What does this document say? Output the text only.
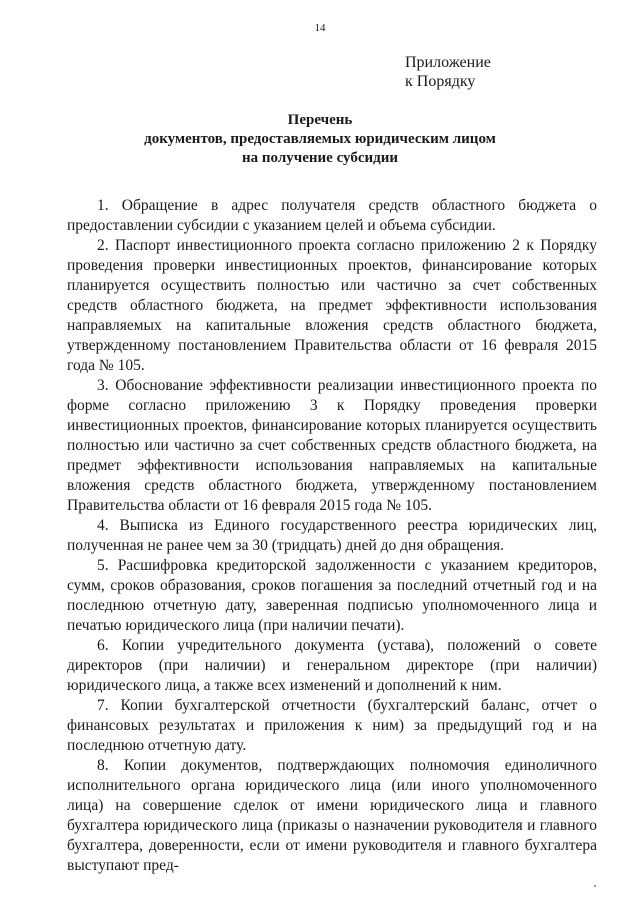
14
Приложение
к Порядку
Перечень
документов, предоставляемых юридическим лицом
на получение субсидии

1. Обращение в адрес получателя средств областного бюджета о предоставлении субсидии с указанием целей и объема субсидии.

2. Паспорт инвестиционного проекта согласно приложению 2 к Порядку проведения проверки инвестиционных проектов, финансирование которых планируется осуществить полностью или частично за счет собственных средств областного бюджета, на предмет эффективности использования направляемых на капитальные вложения средств областного бюджета, утвержденному постановлением Правительства области от 16 февраля 2015 года № 105.

3. Обоснование эффективности реализации инвестиционного проекта по форме согласно приложению 3 к Порядку проведения проверки инвестиционных проектов, финансирование которых планируется осуществить полностью или частично за счет собственных средств областного бюджета, на предмет эффективности использования направляемых на капитальные вложения средств областного бюджета, утвержденному постановлением Правительства области от 16 февраля 2015 года № 105.

4. Выписка из Единого государственного реестра юридических лиц, полученная не ранее чем за 30 (тридцать) дней до дня обращения.

5. Расшифровка кредиторской задолженности с указанием кредиторов, сумм, сроков образования, сроков погашения за последний отчетный год и на последнюю отчетную дату, заверенная подписью уполномоченного лица и печатью юридического лица (при наличии печати).

6. Копии учредительного документа (устава), положений о совете директоров (при наличии) и генеральном директоре (при наличии) юридического лица, а также всех изменений и дополнений к ним.

7. Копии бухгалтерской отчетности (бухгалтерский баланс, отчет о финансовых результатах и приложения к ним) за предыдущий год и на последнюю отчетную дату.

8. Копии документов, подтверждающих полномочия единоличного исполнительного органа юридического лица (или иного уполномоченного лица) на совершение сделок от имени юридического лица и главного бухгалтера юридического лица (приказы о назначении руководителя и главного бухгалтера, доверенности, если от имени руководителя и главного бухгалтера выступают пред-
